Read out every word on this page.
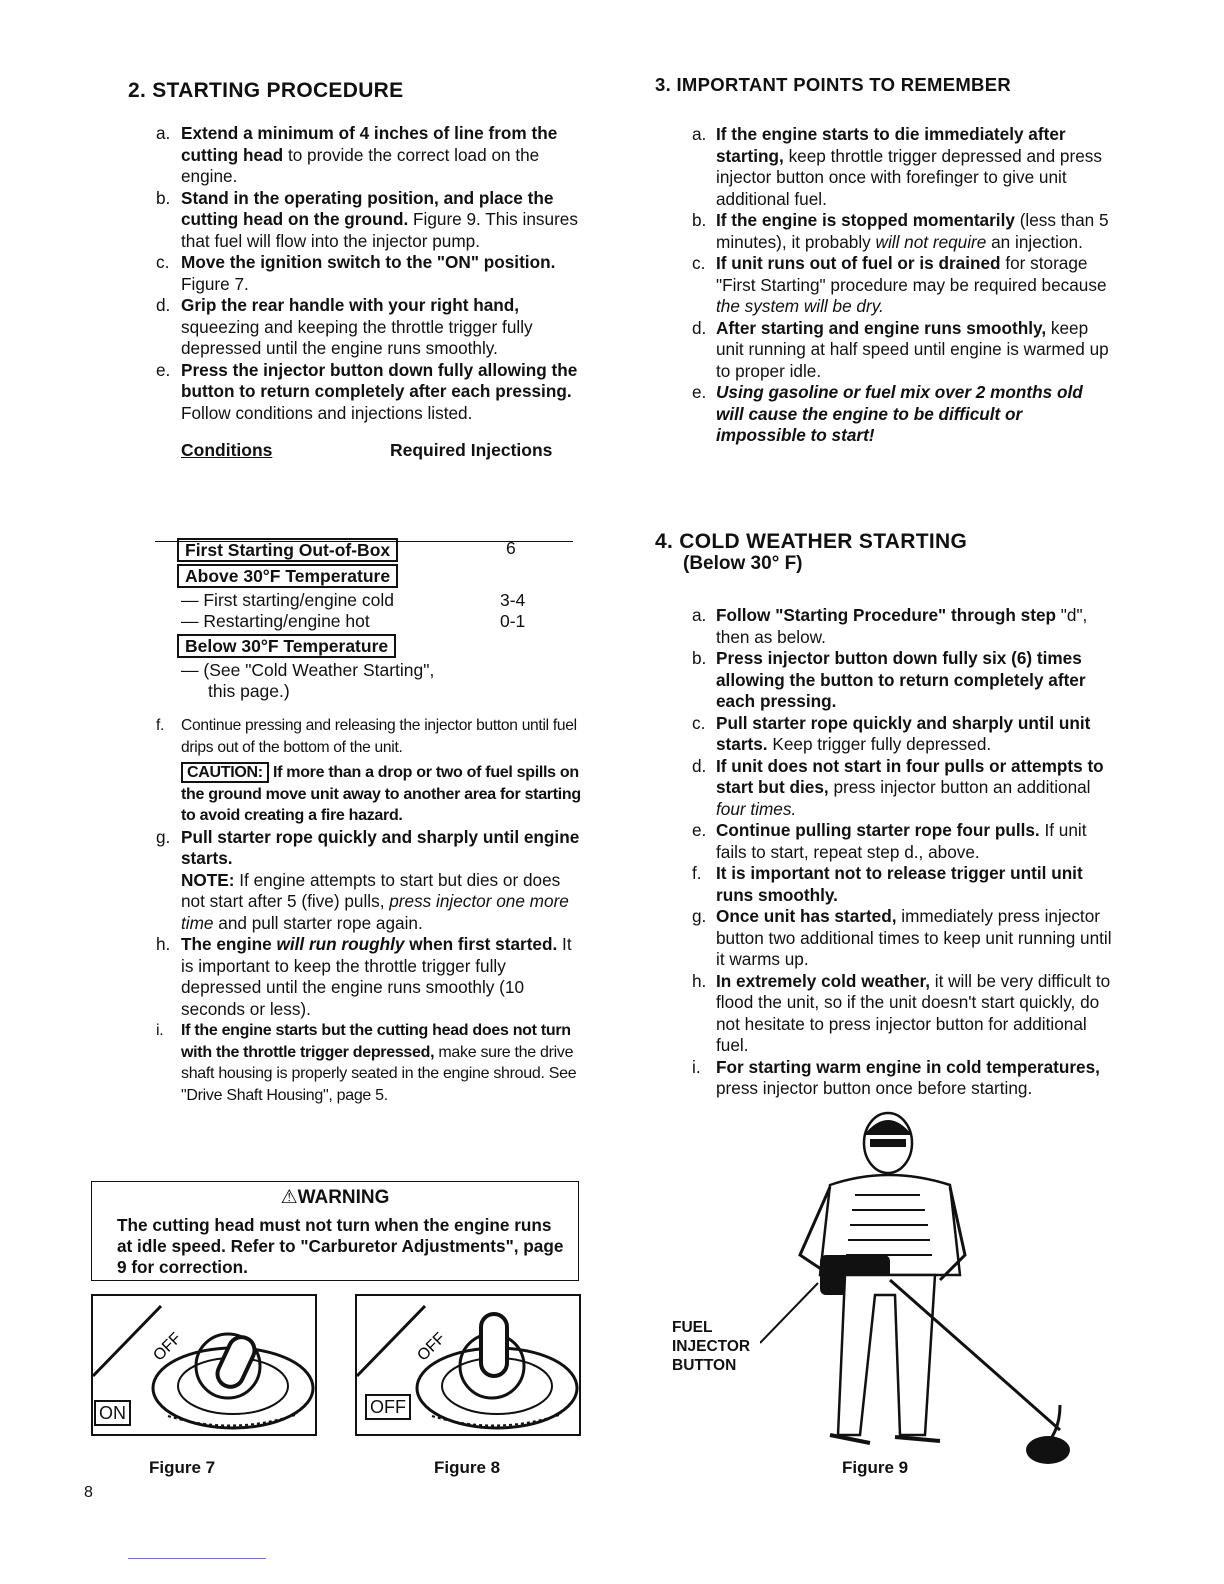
2. STARTING PROCEDURE
a. Extend a minimum of 4 inches of line from the cutting head to provide the correct load on the engine.
b. Stand in the operating position, and place the cutting head on the ground. Figure 9. This insures that fuel will flow into the injector pump.
c. Move the ignition switch to the "ON" position. Figure 7.
d. Grip the rear handle with your right hand, squeezing and keeping the throttle trigger fully depressed until the engine runs smoothly.
e. Press the injector button down fully allowing the button to return completely after each pressing. Follow conditions and injections listed.
Conditions	Required Injections
First Starting Out-of-Box	6
Above 30°F Temperature
— First starting/engine cold	3-4
— Restarting/engine hot	0-1
Below 30°F Temperature
— (See "Cold Weather Starting",
this page.)
f. Continue pressing and releasing the injector button until fuel drips out of the bottom of the unit.
CAUTION: If more than a drop or two of fuel spills on the ground move unit away to another area for starting to avoid creating a fire hazard.
g. Pull starter rope quickly and sharply until engine starts.
NOTE: If engine attempts to start but dies or does not start after 5 (five) pulls, press injector one more time and pull starter rope again.
h. The engine will run roughly when first started. It is important to keep the throttle trigger fully depressed until the engine runs smoothly (10 seconds or less).
i. If the engine starts but the cutting head does not turn with the throttle trigger depressed, make sure the drive shaft housing is properly seated in the engine shroud. See "Drive Shaft Housing", page 5.
⚠WARNING
The cutting head must not turn when the engine runs at idle speed. Refer to "Carburetor Adjustments", page 9 for correction.
OFF
ON
Figure 7
OFF
OFF
Figure 8
3. IMPORTANT POINTS TO REMEMBER
a. If the engine starts to die immediately after starting, keep throttle trigger depressed and press injector button once with forefinger to give unit additional fuel.
b. If the engine is stopped momentarily (less than 5 minutes), it probably will not require an injection.
c. If unit runs out of fuel or is drained for storage "First Starting" procedure may be required because the system will be dry.
d. After starting and engine runs smoothly, keep unit running at half speed until engine is warmed up to proper idle.
e. Using gasoline or fuel mix over 2 months old will cause the engine to be difficult or impossible to start!
4. COLD WEATHER STARTING
(Below 30° F)
a. Follow "Starting Procedure" through step "d", then as below.
b. Press injector button down fully six (6) times allowing the button to return completely after each pressing.
c. Pull starter rope quickly and sharply until unit starts. Keep trigger fully depressed.
d. If unit does not start in four pulls or attempts to start but dies, press injector button an additional four times.
e. Continue pulling starter rope four pulls. If unit fails to start, repeat step d., above.
f. It is important not to release trigger until unit runs smoothly.
g. Once unit has started, immediately press injector button two additional times to keep unit running until it warms up.
h. In extremely cold weather, it will be very difficult to flood the unit, so if the unit doesn't start quickly, do not hesitate to press injector button for additional fuel.
i. For starting warm engine in cold temperatures, press injector button once before starting.
FUEL
INJECTOR
BUTTON
Figure 9
8
